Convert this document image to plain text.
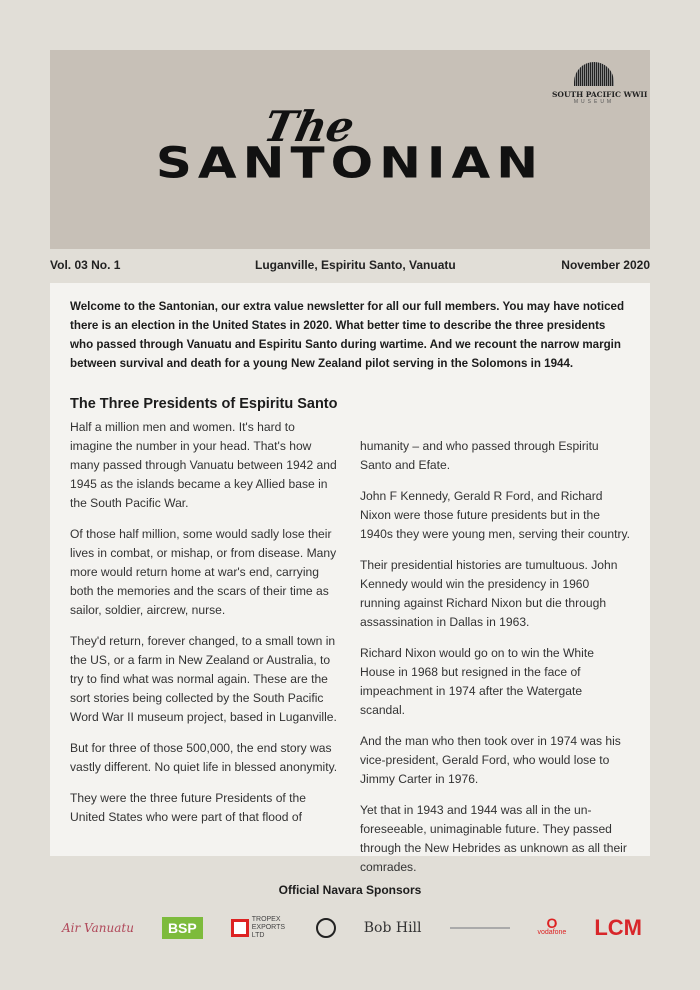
The
SANTONIAN
SOUTH PACIFIC WWII
MUSEUM
Vol. 03 No. 1	Luganville, Espiritu Santo, Vanuatu	November 2020

Welcome to the Santonian, our extra value newsletter for all our full members. You may have noticed there is an election in the United States in 2020. What better time to describe the three presidents who passed through Vanuatu and Espiritu Santo during wartime. And we recount the narrow margin between survival and death for a young New Zealand pilot serving in the Solomons in 1944.

The Three Presidents of Espiritu Santo

Half a million men and women. It's hard to imagine the number in your head. That's how many passed through Vanuatu between 1942 and 1945 as the islands became a key Allied base in the South Pacific War.

Of those half million, some would sadly lose their lives in combat, or mishap, or from disease. Many more would return home at war's end, carrying both the memories and the scars of their time as sailor, soldier, aircrew, nurse.

They'd return, forever changed, to a small town in the US, or a farm in New Zealand or Australia, to try to find what was normal again. These are the sort stories being collected by the South Pacific Word War II museum project, based in Luganville.

But for three of those 500,000, the end story was vastly different. No quiet life in blessed anonymity.

They were the three future Presidents of the United States who were part of that flood of

humanity – and who passed through Espiritu Santo and Efate.

John F Kennedy, Gerald R Ford, and Richard Nixon were those future presidents but in the 1940s they were young men, serving their country.

Their presidential histories are tumultuous. John Kennedy would win the presidency in 1960 running against Richard Nixon but die through assassination in Dallas in 1963.

Richard Nixon would go on to win the White House in 1968 but resigned in the face of impeachment in 1974 after the Watergate scandal.

And the man who then took over in 1974 was his vice-president, Gerald Ford, who would lose to Jimmy Carter in 1976.

Yet that in 1943 and 1944 was all in the un-foreseeable, unimaginable future. They passed through the New Hebrides as unknown as all their comrades.

Official Navara Sponsors
Air Vanuatu	BSP
TROPEX EXPORTS LTD	Bob Hill	O
vodafone LCM
